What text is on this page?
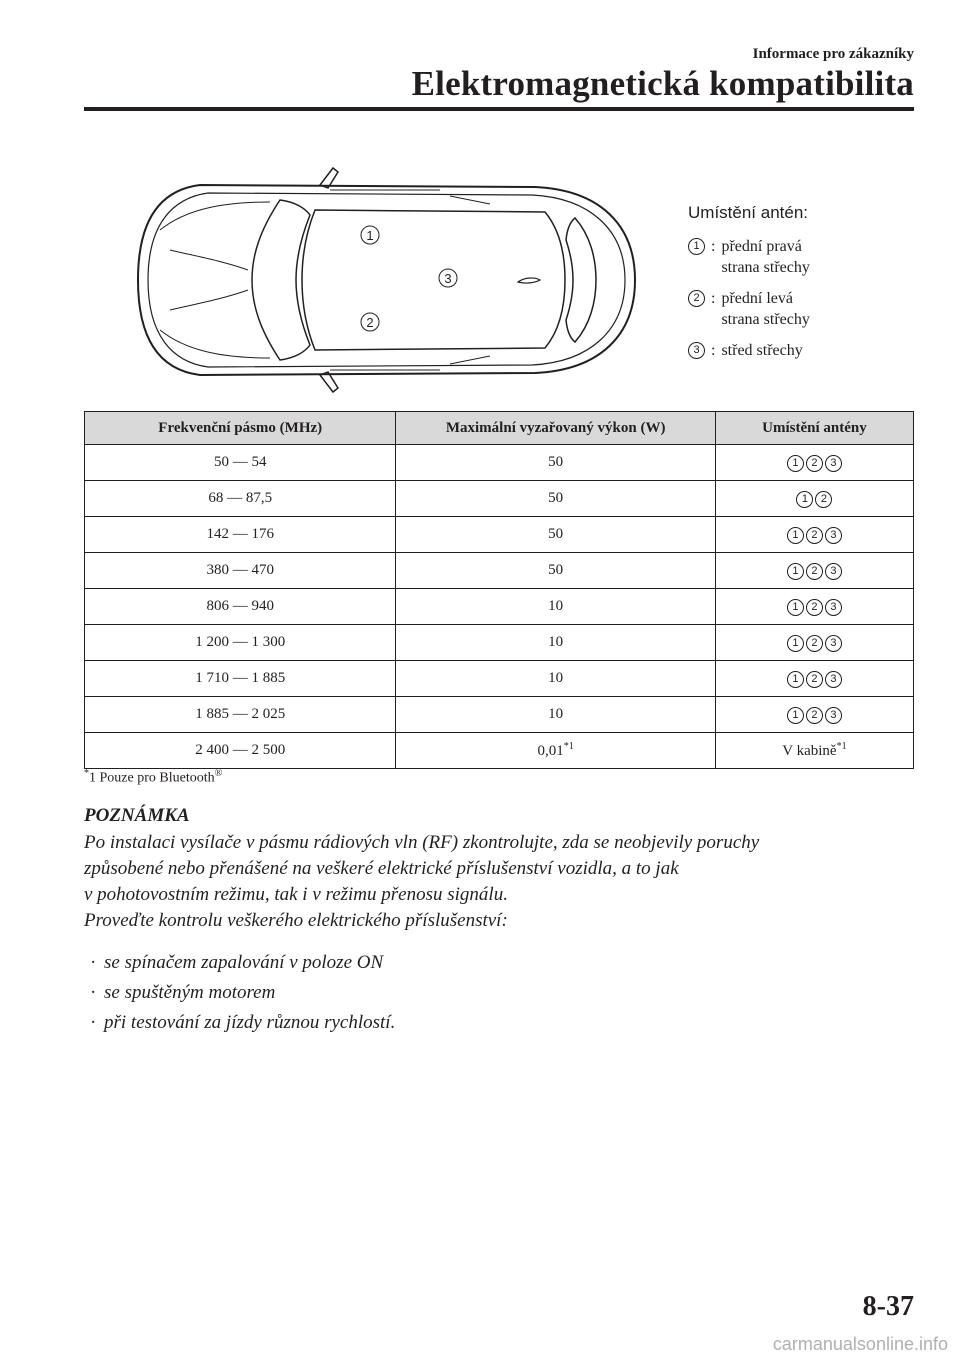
Informace pro zákazníky
Elektromagnetická kompatibilita
1
3
2
Umístění antén:
1 : přední pravá
strana střechy
2 : přední levá
strana střechy
3 : střed střechy
Frekvenční pásmo (MHz)	Maximální vyzařovaný výkon (W)	Umístění antény
50 — 54	50	1 2 3
68 — 87,5	50	1 2
142 — 176	50	1 2 3
380 — 470	50	1 2 3
806 — 940	10	1 2 3
1 200 — 1 300	10	1 2 3
1 710 — 1 885	10	1 2 3
1 885 — 2 025	10	1 2 3
2 400 — 2 500	0,01$^{*1}$	V kabině$^{*1}$
*1 Pouze pro Bluetooth®
POZNÁMKA

Po instalaci vysílače v pásmu rádiových vln (RF) zkontrolujte, zda se neobjevily poruchy

způsobené nebo přenášené na veškeré elektrické příslušenství vozidla, a to jak

v pohotovostním režimu, tak i v režimu přenosu signálu.

Proveďte kontrolu veškerého elektrického příslušenství:

· se spínačem zapalování v poloze ON
· se spuštěným motorem
· při testování za jízdy různou rychlostí.
8-37
carmanualsonline.info
